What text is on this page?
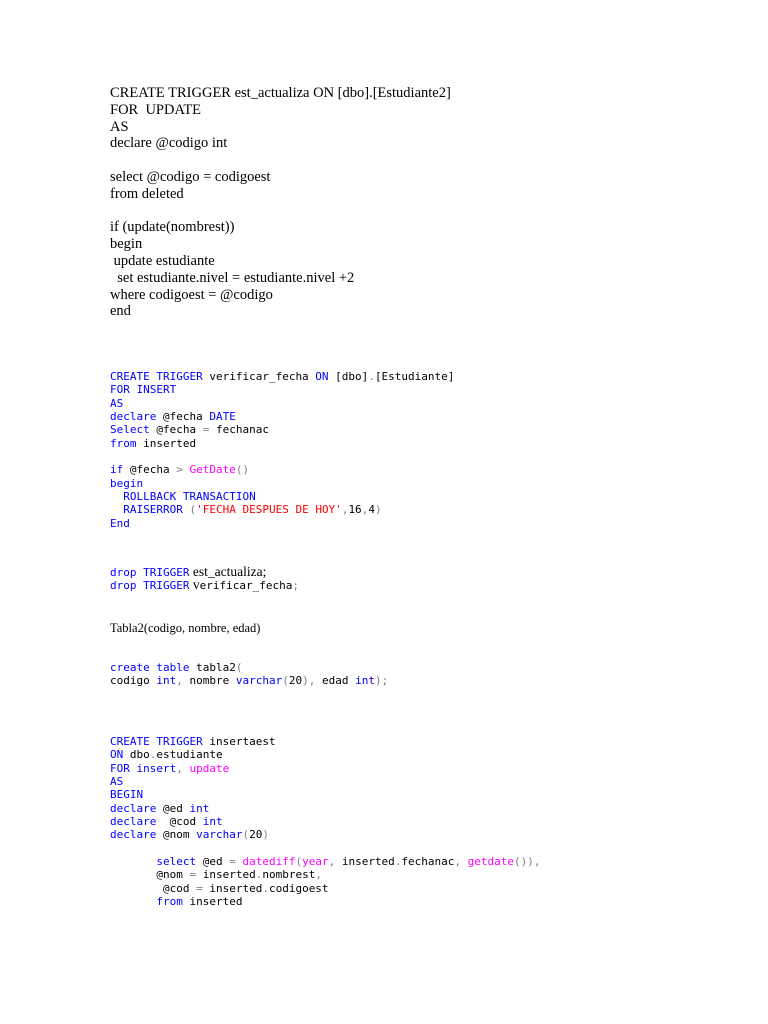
CREATE TRIGGER est_actualiza ON [dbo].[Estudiante2]
FOR  UPDATE
AS
declare @codigo int
select @codigo = codigoest
from deleted
if (update(nombrest))
begin
update estudiante
set estudiante.nivel = estudiante.nivel +2
where codigoest = @codigo
end
CREATE TRIGGER verificar_fecha ON [dbo].[Estudiante]
FOR INSERT
AS
declare @fecha DATE
Select @fecha = fechanac
from inserted
if @fecha > GetDate()
begin
ROLLBACK TRANSACTION
RAISERROR ('FECHA DESPUES DE HOY',16,4)
End
drop TRIGGER est_actualiza;
drop TRIGGER verificar_fecha;
Tabla2(codigo, nombre, edad)
create table tabla2(
codigo int, nombre varchar(20), edad int);
CREATE TRIGGER insertaest
ON dbo.estudiante
FOR insert, update
AS
BEGIN
declare @ed int
declare  @cod int
declare @nom varchar(20)
select @ed = datediff(year, inserted.fechanac, getdate()),
@nom = inserted.nombrest,
@cod = inserted.codigoest
from inserted
